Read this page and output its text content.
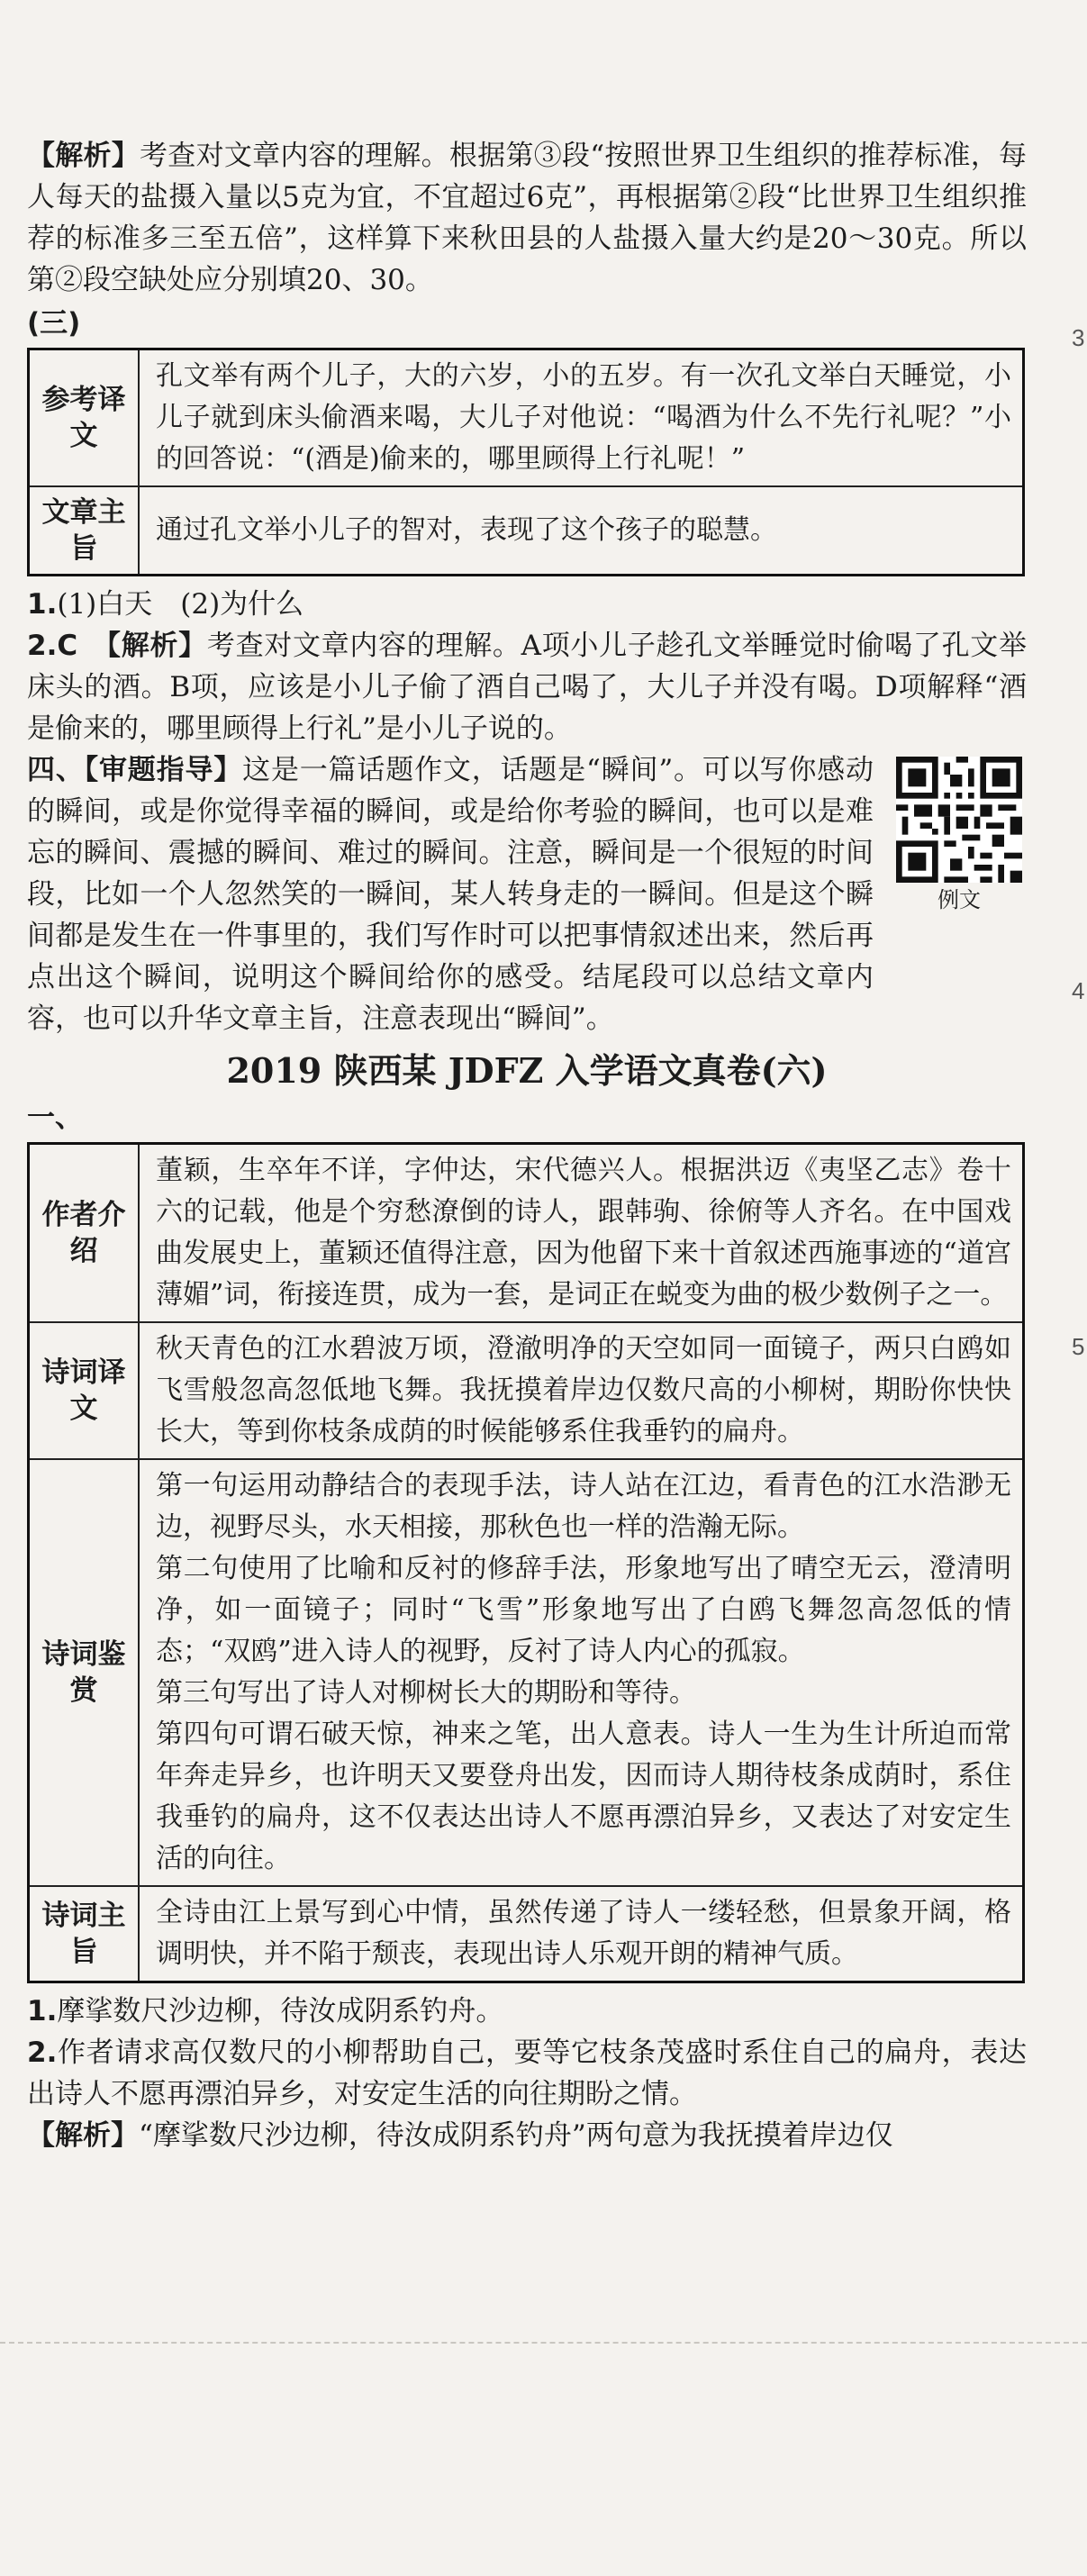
【解析】考查对文章内容的理解。根据第③段“按照世界卫生组织的推荐标准，每人每天的盐摄入量以5克为宜，不宜超过6克”，再根据第②段“比世界卫生组织推荐的标准多三至五倍”，这样算下来秋田县的人盐摄入量大约是20～30克。所以第②段空缺处应分别填20、30。

(三)
参考译文	孔文举有两个儿子，大的六岁，小的五岁。有一次孔文举白天睡觉，小儿子就到床头偷酒来喝，大儿子对他说：“喝酒为什么不先行礼呢？”小的回答说：“(酒是)偷来的，哪里顾得上行礼呢！”
文章主旨	通过孔文举小儿子的智对，表现了这个孩子的聪慧。

1.(1)白天　(2)为什么

2.C　 【解析】考查对文章内容的理解。A项小儿子趁孔文举睡觉时偷喝了孔文举床头的酒。B项，应该是小儿子偷了酒自己喝了，大儿子并没有喝。D项解释“酒是偷来的，哪里顾得上行礼”是小儿子说的。

例文

四、【审题指导】这是一篇话题作文，话题是“瞬间”。可以写你感动的瞬间，或是你觉得幸福的瞬间，或是给你考验的瞬间，也可以是难忘的瞬间、震撼的瞬间、难过的瞬间。注意，瞬间是一个很短的时间段，比如一个人忽然笑的一瞬间，某人转身走的一瞬间。但是这个瞬间都是发生在一件事里的，我们写作时可以把事情叙述出来，然后再点出这个瞬间，说明这个瞬间给你的感受。结尾段可以总结文章内容，也可以升华文章主旨，注意表现出“瞬间”。

2019 陕西某 JDFZ 入学语文真卷(六)
一、
作者介绍	董颖，生卒年不详，字仲达，宋代德兴人。根据洪迈《夷坚乙志》卷十六的记载，他是个穷愁潦倒的诗人，跟韩驹、徐俯等人齐名。在中国戏曲发展史上，董颖还值得注意，因为他留下来十首叙述西施事迹的“道宫薄媚”词，衔接连贯，成为一套，是词正在蜕变为曲的极少数例子之一。
诗词译文	秋天青色的江水碧波万顷，澄澈明净的天空如同一面镜子，两只白鸥如飞雪般忽高忽低地飞舞。我抚摸着岸边仅数尺高的小柳树，期盼你快快长大，等到你枝条成荫的时候能够系住我垂钓的扁舟。
诗词鉴赏	第一句运用动静结合的表现手法，诗人站在江边，看青色的江水浩渺无边，视野尽头，水天相接，那秋色也一样的浩瀚无际。
第二句使用了比喻和反衬的修辞手法，形象地写出了晴空无云，澄清明净，如一面镜子；同时“飞雪”形象地写出了白鸥飞舞忽高忽低的情态；“双鸥”进入诗人的视野，反衬了诗人内心的孤寂。
第三句写出了诗人对柳树长大的期盼和等待。
第四句可谓石破天惊，神来之笔，出人意表。诗人一生为生计所迫而常年奔走异乡，也许明天又要登舟出发，因而诗人期待枝条成荫时，系住我垂钓的扁舟，这不仅表达出诗人不愿再漂泊异乡，又表达了对安定生活的向往。

诗词主旨	全诗由江上景写到心中情，虽然传递了诗人一缕轻愁，但景象开阔，格调明快，并不陷于颓丧，表现出诗人乐观开朗的精神气质。

1.摩挲数尺沙边柳，待汝成阴系钓舟。

2.作者请求高仅数尺的小柳帮助自己，要等它枝条茂盛时系住自己的扁舟，表达出诗人不愿再漂泊异乡，对安定生活的向往期盼之情。

【解析】“摩挲数尺沙边柳，待汝成阴系钓舟”两句意为我抚摸着岸边仅

3
4
5
